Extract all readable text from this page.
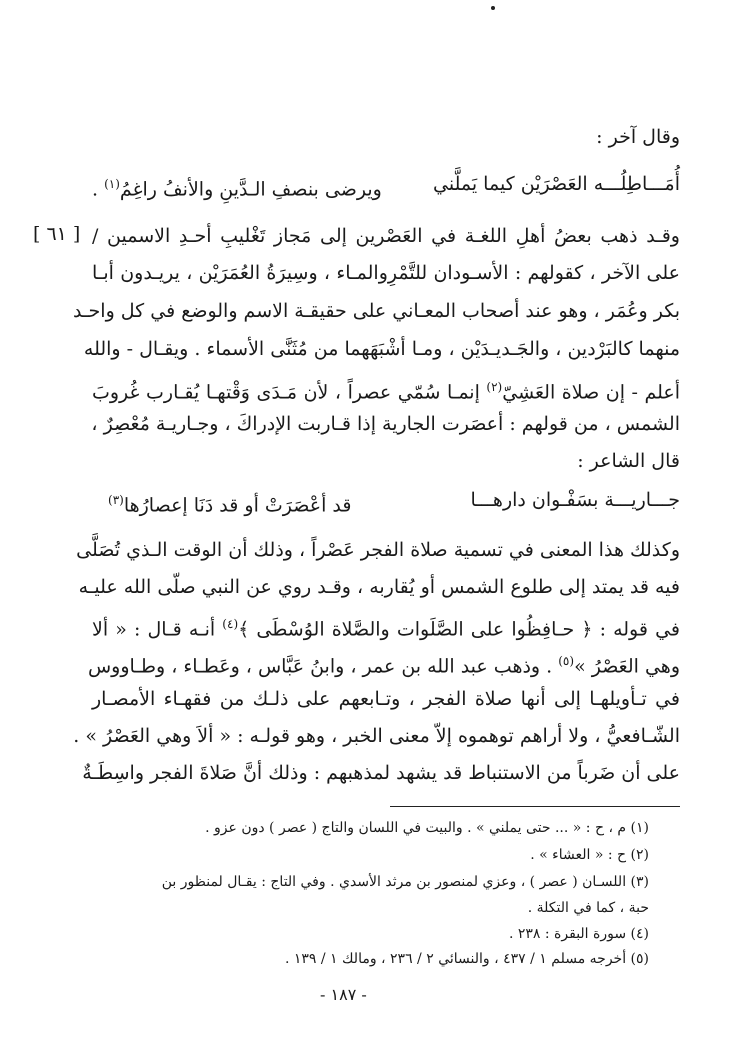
وقال آخر :
أُمَـــاطِلُـــه العَصْرَيْن كيما يَملَّني
ويرضى بنصفِ الـدَّينِ والأنفُ راغِمُ$^{(١)}$ .
[ ٦١ ] وقـد ذهب بعضُ أهلِ اللغـة في العَصْرين إلى مَجاز تَغْليبِ أحـدِ الاسمين /
على الآخر ، كقولهم : الأسـودان للتَّمْرِوالمـاء ، وسِيرَةُ العُمَرَيْن ، يريـدون أبـا
بكر وعُمَر ، وهو عند أصحاب المعـاني على حقيقـة الاسم والوضع في كل واحـد
منهما كالبَرْدين ، والجَـديـدَيْن ، ومـا أشْبَهَهما من مُثَنَّى الأسماء . ويقـال - والله
أعلم - إن صلاة العَشِيّ$^{(٢)}$ إنمـا سُمّي عصراً ، لأن مَـدَى وَقْتهـا يُقـارب غُروبَ
الشمس ، من قولهم : أعصَرت الجارية إذا قـاربت الإدراكَ ، وجـاريـة مُعْصِرٌ ،
قال الشاعر :
جـــاريـــة بسَفْـوان دارهـــا
قد أعْصَرَتْ أو قد دَنَا إعصارُها$^{(٣)}$
وكذلك هذا المعنى في تسمية صلاة الفجر عَصْراً ، وذلك أن الوقت الـذي تُصَلَّى
فيه قد يمتد إلى طلوع الشمس أو يُقاربه ، وقـد روي عن النبي صلّى الله عليـه
في قوله : ﴿ حـافِظُوا على الصَّلَوات والصَّلاة الوُسْطَى ﴾$^{(٤)}$ أنـه قـال : « ألا
وهي العَصْرُ »$^{(٥)}$ . وذهب عبد الله بن عمر ، وابنُ عَبَّاس ، وعَطـاء ، وطـاووس
في تـأويلهـا إلى أنها صلاة الفجر ، وتـابعهم على ذلـك من فقهـاء الأمصـار
الشّـافعيُّ ، ولا أراهم توهموه إلاّ معنى الخبر ، وهو قولـه : « ألاَ وهي العَصْرُ » .
على أن ضَرباً من الاستنباط قد يشهد لمذهبهم : وذلك أنَّ صَلاةَ الفجر واسِطَـةٌ
(١) م ، ح : « ... حتى يملني » . والبيت في اللسان والتاج ( عصر ) دون عزو .
(٢) ح : « العشاء » .
(٣) اللسـان ( عصر ) ، وعزي لمنصور بن مرثد الأسدي . وفي التاج : يقـال لمنظور بن
حبة ، كما في التكلة .
(٤) سورة البقرة : ٢٣٨ .
(٥) أخرجه مسلم ١ / ٤٣٧ ، والنسائي ٢ / ٢٣٦ ، ومالك ١ / ١٣٩ .
- ١٨٧ -
